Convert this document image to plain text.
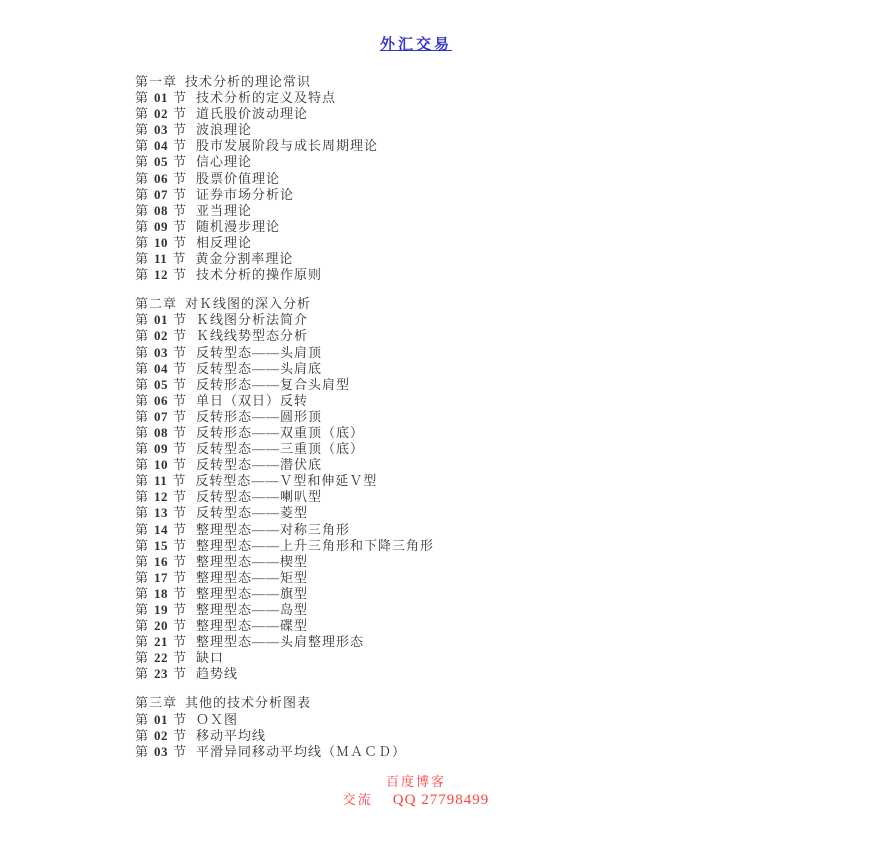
外汇交易
第一章 技术分析的理论常识
第 01 节 技术分析的定义及特点
第 02 节 道氏股价波动理论
第 03 节 波浪理论
第 04 节 股市发展阶段与成长周期理论
第 05 节 信心理论
第 06 节 股票价值理论
第 07 节 证券市场分析论
第 08 节 亚当理论
第 09 节 随机漫步理论
第 10 节 相反理论
第 11 节 黄金分割率理论
第 12 节 技术分析的操作原则
第二章 对Ｋ线图的深入分析
第 01 节 Ｋ线图分析法简介
第 02 节 Ｋ线线势型态分析
第 03 节 反转型态——头肩顶
第 04 节 反转型态——头肩底
第 05 节 反转形态——复合头肩型
第 06 节 单日（双日）反转
第 07 节 反转形态——圆形顶
第 08 节 反转形态——双重顶（底）
第 09 节 反转型态——三重顶（底）
第 10 节 反转型态——潜伏底
第 11 节 反转型态——Ｖ型和伸延Ｖ型
第 12 节 反转型态——喇叭型
第 13 节 反转型态——菱型
第 14 节 整理型态——对称三角形
第 15 节 整理型态——上升三角形和下降三角形
第 16 节 整理型态——楔型
第 17 节 整理型态——矩型
第 18 节 整理型态——旗型
第 19 节 整理型态——岛型
第 20 节 整理型态——碟型
第 21 节 整理型态——头肩整理形态
第 22 节 缺口
第 23 节 趋势线
第三章 其他的技术分析图表
第 01 节 ＯＸ图
第 02 节 移动平均线
第 03 节 平滑异同移动平均线（ＭＡＣＤ）
百度博客
交流 QQ 27798499
